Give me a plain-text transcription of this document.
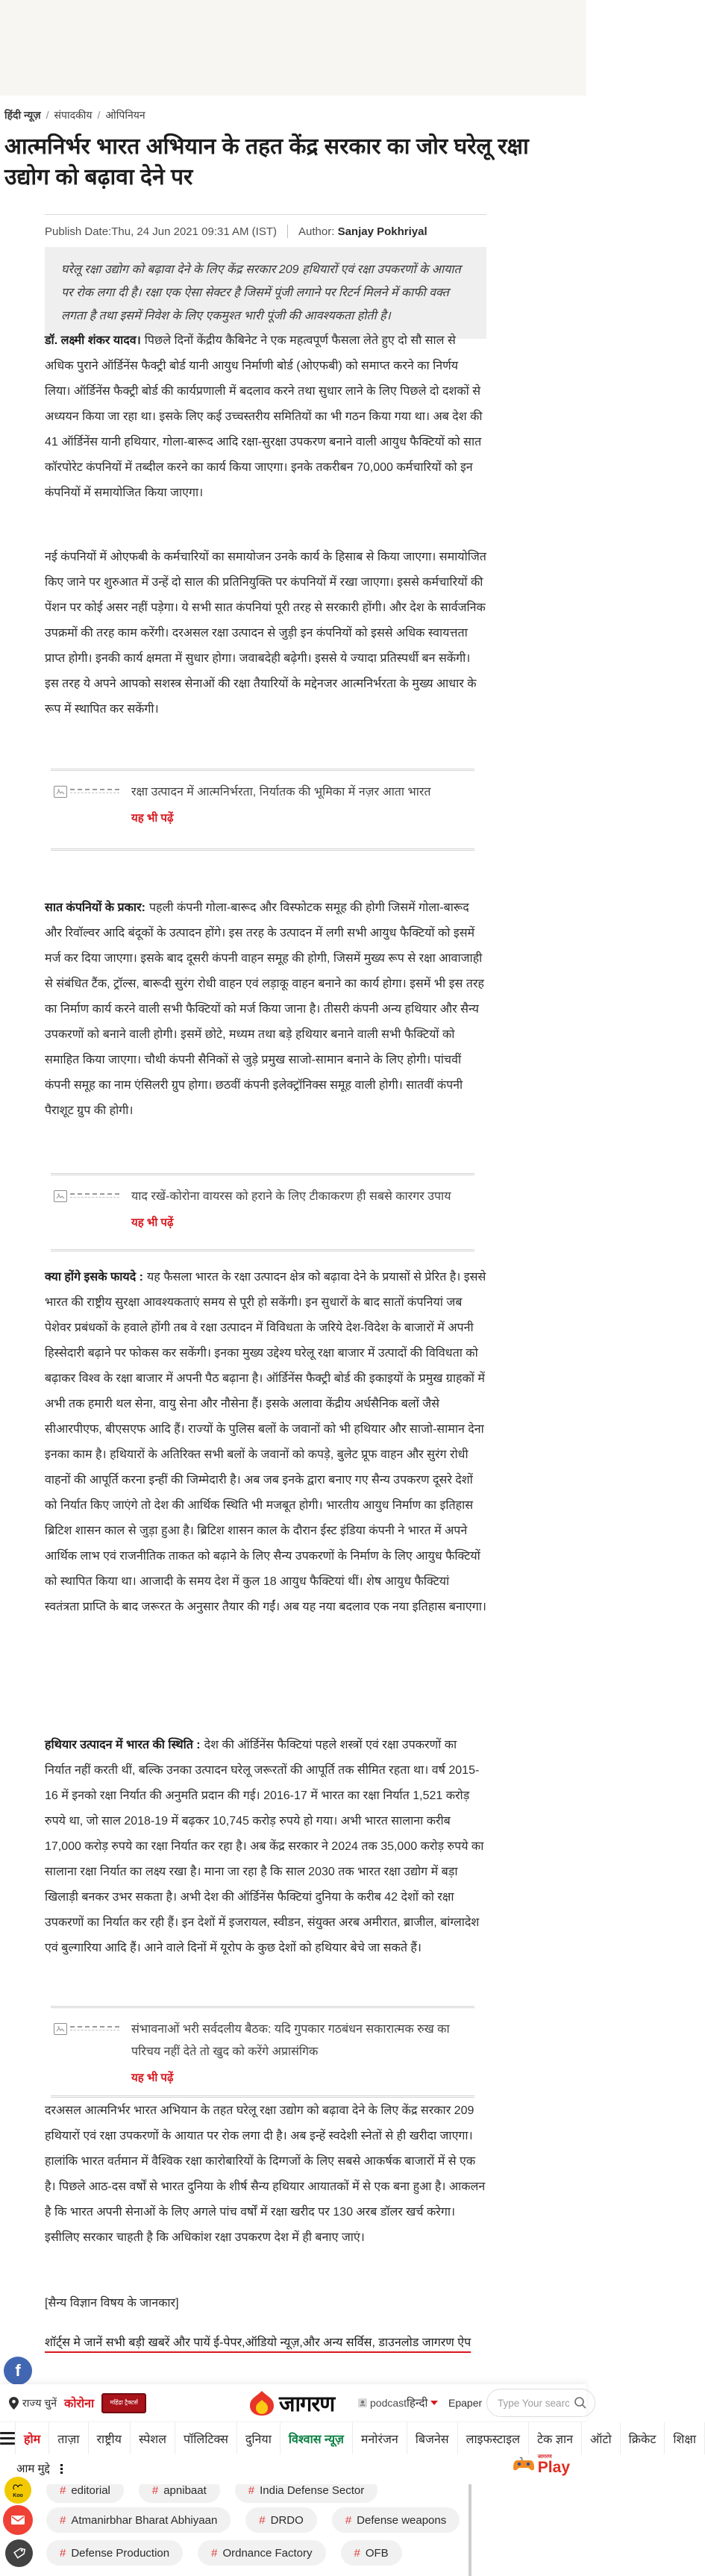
हिंदी न्यूज़ / संपादकीय / ओपिनियन
आत्मनिर्भर भारत अभियान के तहत केंद्र सरकार का जोर घरेलू रक्षा उद्योग को बढ़ावा देने पर
Publish Date:Thu, 24 Jun 2021 09:31 AM (IST) Author: Sanjay Pokhriyal
घरेलू रक्षा उद्योग को बढ़ावा देने के लिए केंद्र सरकार 209 हथियारों एवं रक्षा उपकरणों के आयात पर रोक लगा दी है। रक्षा एक ऐसा सेक्टर है जिसमें पूंजी लगाने पर रिटर्न मिलने में काफी वक्त लगता है तथा इसमें निवेश के लिए एकमुश्त भारी पूंजी की आवश्यकता होती है।
डॉ. लक्ष्मी शंकर यादव। पिछले दिनों केंद्रीय कैबिनेट ने एक महत्वपूर्ण फैसला लेते हुए दो सौ साल से अधिक पुराने ऑर्डिनेंस फैक्ट्री बोर्ड यानी आयुध निर्माणी बोर्ड (ओएफबी) को समाप्त करने का निर्णय लिया। ऑर्डिनेंस फैक्ट्री बोर्ड की कार्यप्रणाली में बदलाव करने तथा सुधार लाने के लिए पिछले दो दशकों से अध्ययन किया जा रहा था। इसके लिए कई उच्चस्तरीय समितियों का भी गठन किया गया था। अब देश की 41 ऑर्डिनेंस यानी हथियार, गोला-बारूद आदि रक्षा-सुरक्षा उपकरण बनाने वाली आयुध फैक्टियों को सात कॉरपोरेट कंपनियों में तब्दील करने का कार्य किया जाएगा। इनके तकरीबन 70,000 कर्मचारियों को इन कंपनियों में समायोजित किया जाएगा।
नई कंपनियों में ओएफबी के कर्मचारियों का समायोजन उनके कार्य के हिसाब से किया जाएगा। समायोजित किए जाने पर शुरुआत में उन्हें दो साल की प्रतिनियुक्ति पर कंपनियों में रखा जाएगा। इससे कर्मचारियों की पेंशन पर कोई असर नहीं पड़ेगा। ये सभी सात कंपनियां पूरी तरह से सरकारी होंगी। और देश के सार्वजनिक उपक्रमों की तरह काम करेंगी। दरअसल रक्षा उत्पादन से जुड़ी इन कंपनियों को इससे अधिक स्वायत्तता प्राप्त होगी। इनकी कार्य क्षमता में सुधार होगा। जवाबदेही बढ़ेगी। इससे ये ज्यादा प्रतिस्पर्धी बन सकेंगी। इस तरह ये अपने आपको सशस्त्र सेनाओं की रक्षा तैयारियों के मद्देनजर आत्मनिर्भरता के मुख्य आधार के रूप में स्थापित कर सकेंगी।
सात कंपनियों के प्रकार: पहली कंपनी गोला-बारूद और विस्फोटक समूह की होगी जिसमें गोला-बारूद और रिवॉल्वर आदि बंदूकों के उत्पादन होंगे। इस तरह के उत्पादन में लगी सभी आयुध फैक्टियों को इसमें मर्ज कर दिया जाएगा। इसके बाद दूसरी कंपनी वाहन समूह की होगी, जिसमें मुख्य रूप से रक्षा आवाजाही से संबंधित टैंक, ट्रॉल्स, बारूदी सुरंग रोधी वाहन एवं लड़ाकू वाहन बनाने का कार्य होगा। इसमें भी इस तरह का निर्माण कार्य करने वाली सभी फैक्टियों को मर्ज किया जाना है। तीसरी कंपनी अन्य हथियार और सैन्य उपकरणों को बनाने वाली होगी। इसमें छोटे, मध्यम तथा बड़े हथियार बनाने वाली सभी फैक्टियों को समाहित किया जाएगा। चौथी कंपनी सैनिकों से जुड़े प्रमुख साजो-सामान बनाने के लिए होगी। पांचवीं कंपनी समूह का नाम एंसिलरी ग्रुप होगा। छठवीं कंपनी इलेक्ट्रॉनिक्स समूह वाली होगी। सातवीं कंपनी पैराशूट ग्रुप की होगी।
क्या होंगे इसके फायदे : यह फैसला भारत के रक्षा उत्पादन क्षेत्र को बढ़ावा देने के प्रयासों से प्रेरित है। इससे भारत की राष्ट्रीय सुरक्षा आवश्यकताएं समय से पूरी हो सकेंगी। इन सुधारों के बाद सातों कंपनियां जब पेशेवर प्रबंधकों के हवाले होंगी तब वे रक्षा उत्पादन में विविधता के जरिये देश-विदेश के बाजारों में अपनी हिस्सेदारी बढ़ाने पर फोकस कर सकेंगी। इनका मुख्य उद्देश्य घरेलू रक्षा बाजार में उत्पादों की विविधता को बढ़ाकर विश्व के रक्षा बाजार में अपनी पैठ बढ़ाना है। ऑर्डिनेंस फैक्ट्री बोर्ड की इकाइयों के प्रमुख ग्राहकों में अभी तक हमारी थल सेना, वायु सेना और नौसेना हैं। इसके अलावा केंद्रीय अर्धसैनिक बलों जैसे सीआरपीएफ, बीएसएफ आदि हैं। राज्यों के पुलिस बलों के जवानों को भी हथियार और साजो-सामान देना इनका काम है। हथियारों के अतिरिक्त सभी बलों के जवानों को कपड़े, बुलेट प्रूफ वाहन और सुरंग रोधी वाहनों की आपूर्ति करना इन्हीं की जिम्मेदारी है। अब जब इनके द्वारा बनाए गए सैन्य उपकरण दूसरे देशों को निर्यात किए जाएंगे तो देश की आर्थिक स्थिति भी मजबूत होगी। भारतीय आयुध निर्माण का इतिहास ब्रिटिश शासन काल से जुड़ा हुआ है। ब्रिटिश शासन काल के दौरान ईस्ट इंडिया कंपनी ने भारत में अपने आर्थिक लाभ एवं राजनीतिक ताकत को बढ़ाने के लिए सैन्य उपकरणों के निर्माण के लिए आयुध फैक्टियों को स्थापित किया था। आजादी के समय देश में कुल 18 आयुध फैक्टियां थीं। शेष आयुध फैक्टियां स्वतंत्रता प्राप्ति के बाद जरूरत के अनुसार तैयार की गईं। अब यह नया बदलाव एक नया इतिहास बनाएगा।
हथियार उत्पादन में भारत की स्थिति : देश की ऑर्डिनेंस फैक्टियां पहले शस्त्रों एवं रक्षा उपकरणों का निर्यात नहीं करती थीं, बल्कि उनका उत्पादन घरेलू जरूरतों की आपूर्ति तक सीमित रहता था। वर्ष 2015-16 में इनको रक्षा निर्यात की अनुमति प्रदान की गई। 2016-17 में भारत का रक्षा निर्यात 1,521 करोड़ रुपये था, जो साल 2018-19 में बढ़कर 10,745 करोड़ रुपये हो गया। अभी भारत सालाना करीब 17,000 करोड़ रुपये का रक्षा निर्यात कर रहा है। अब केंद्र सरकार ने 2024 तक 35,000 करोड़ रुपये का सालाना रक्षा निर्यात का लक्ष्य रखा है। माना जा रहा है कि साल 2030 तक भारत रक्षा उद्योग में बड़ा खिलाड़ी बनकर उभर सकता है। अभी देश की ऑर्डिनेंस फैक्टियां दुनिया के करीब 42 देशों को रक्षा उपकरणों का निर्यात कर रही हैं। इन देशों में इजरायल, स्वीडन, संयुक्त अरब अमीरात, ब्राजील, बांग्लादेश एवं बुल्गारिया आदि हैं। आने वाले दिनों में यूरोप के कुछ देशों को हथियार बेचे जा सकते हैं।
दरअसल आत्मनिर्भर भारत अभियान के तहत घरेलू रक्षा उद्योग को बढ़ावा देने के लिए केंद्र सरकार 209 हथियारों एवं रक्षा उपकरणों के आयात पर रोक लगा दी है। अब इन्हें स्वदेशी स्नेतों से ही खरीदा जाएगा। हालांकि भारत वर्तमान में वैश्विक रक्षा कारोबारियों के दिग्गजों के लिए सबसे आकर्षक बाजारों में से एक है। पिछले आठ-दस वर्षों से भारत दुनिया के शीर्ष सैन्य हथियार आयातकों में से एक बना हुआ है। आकलन है कि भारत अपनी सेनाओं के लिए अगले पांच वर्षों में रक्षा खरीद पर 130 अरब डॉलर खर्च करेगा। इसीलिए सरकार चाहती है कि अधिकांश रक्षा उपकरण देश में ही बनाए जाएं।
रक्षा उत्पादन में आत्मनिर्भरता, निर्यातक की भूमिका में नज़र आता भारत
यह भी पढ़ें
याद रखें-कोरोना वायरस को हराने के लिए टीकाकरण ही सबसे कारगर उपाय
यह भी पढ़ें
संभावनाओं भरी सर्वदलीय बैठक: यदि गुपकार गठबंधन सकारात्मक रुख का परिचय नहीं देते तो खुद को करेंगे अप्रासंगिक
यह भी पढ़ें
[सैन्य विज्ञान विषय के जानकार]
शॉर्ट्स मे जानें सभी बड़ी खबरें और पायें ई-पेपर,ऑडियो न्यूज़,और अन्य सर्विस, डाउनलोड जागरण ऐप
f
Koo
राज्य चुनें कोरोना	महिंद्रा ट्रैक्टर्स	जागरण	podcast हिन्दी Epaper
Type Your search
होम	ताज़ा	राष्ट्रीय	स्पेशल	पॉलिटिक्स	दुनिया	विश्वास न्यूज़	मनोरंजन	बिजनेस	लाइफस्टाइल	टेक ज्ञान	ऑटो	क्रिकेट	शिक्षा
आम मुद्दे
जागरण
Play
# editorial	# apnibaat	# India Defense Sector
# Atmanirbhar Bharat Abhiyaan	# DRDO	# Defense weapons
# Defense Production	# Ordnance Factory	# OFB
